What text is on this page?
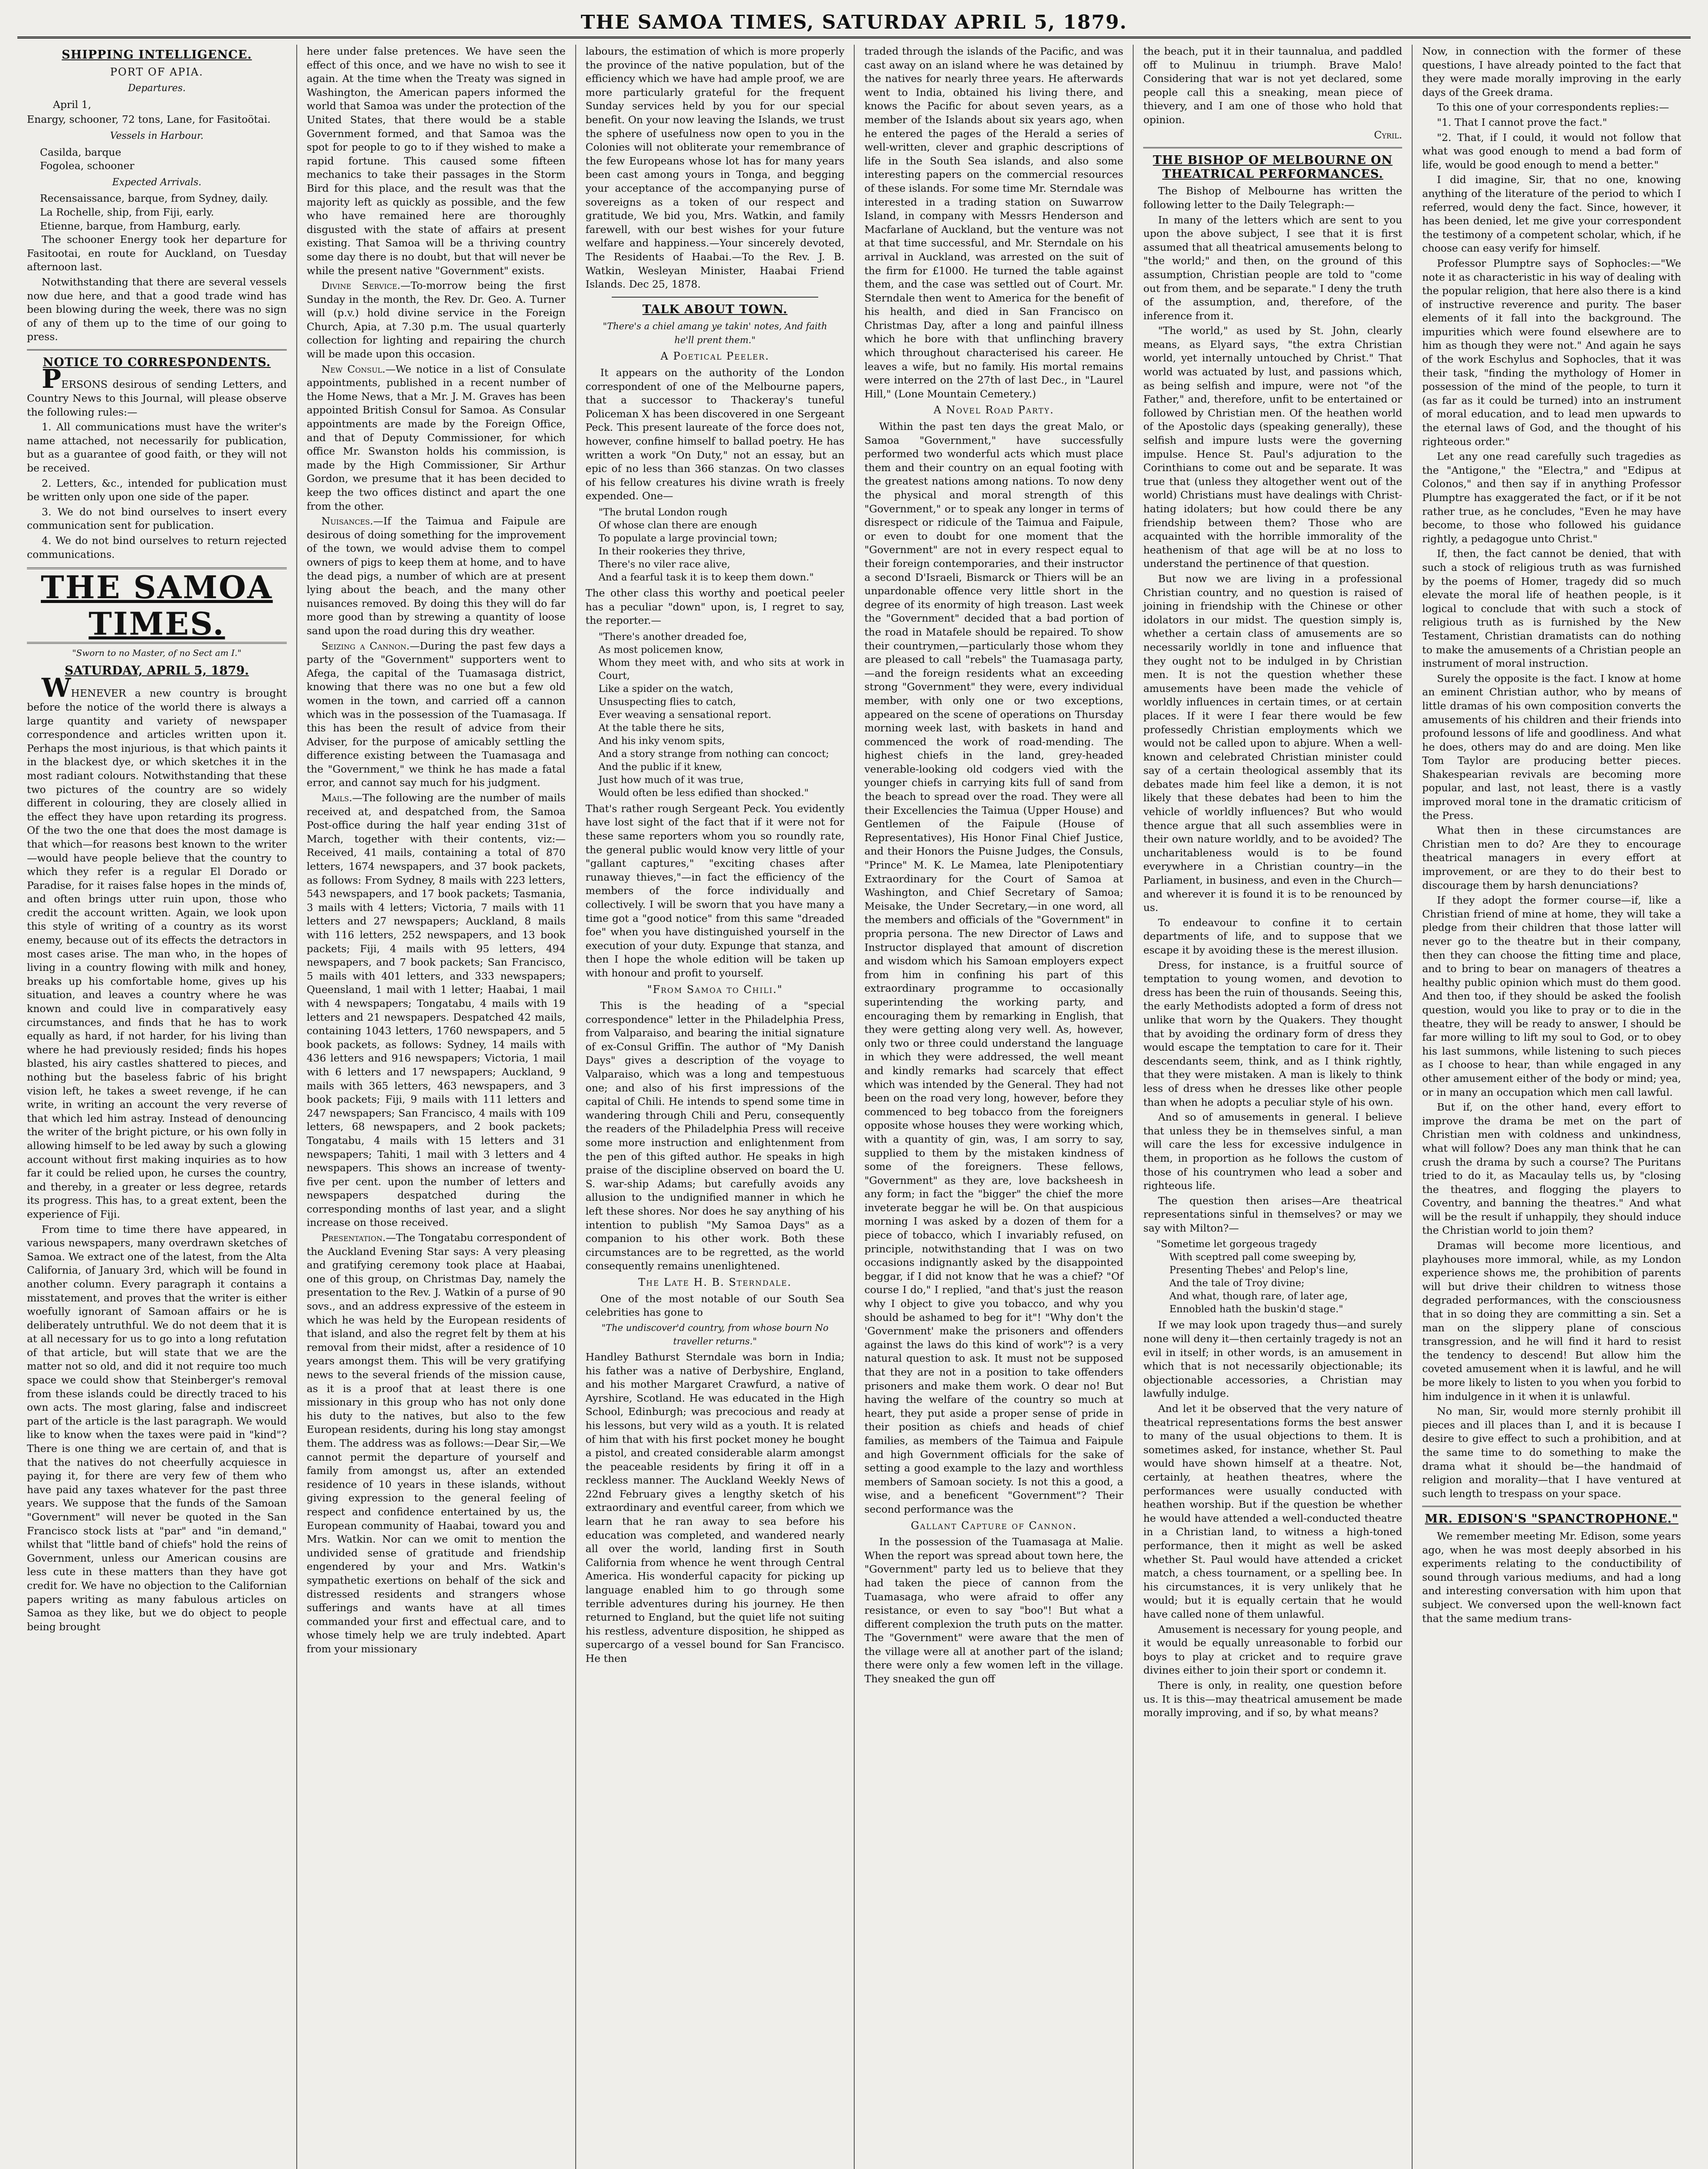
THE SAMOA TIMES, SATURDAY APRIL 5, 1879.
SHIPPING INTELLIGENCE.
PORT OF APIA.
Departures.

April 1,

Enargy, schooner, 72 tons, Lane, for Fasitoötai.

Vessels in Harbour.

Casilda, barque

Fogolea, schooner

Expected Arrivals.

Recensaissance, barque, from Sydney, daily.

La Rochelle, ship, from Fiji, early.

Etienne, barque, from Hamburg, early.

The schooner Energy took her departure for Fasitootai, en route for Auckland, on Tuesday afternoon last.

Notwithstanding that there are several vessels now due here, and that a good trade wind has been blowing during the week, there was no sign of any of them up to the time of our going to press.

NOTICE TO CORRESPONDENTS.

PERSONS desirous of sending Letters, and Country News to this Journal, will please observe the following rules:—

1. All communications must have the writer's name attached, not necessarily for publication, but as a guarantee of good faith, or they will not be received.

2. Letters, &c., intended for publication must be written only upon one side of the paper.

3. We do not bind ourselves to insert every communication sent for publication.

4. We do not bind ourselves to return rejected communications.

THE SAMOA TIMES.
"Sworn to no Master, of no Sect am I."
SATURDAY, APRIL 5, 1879.

WHENEVER a new country is brought before the notice of the world there is always a large quantity and variety of newspaper correspondence and articles written upon it. Perhaps the most injurious, is that which paints it in the blackest dye, or which sketches it in the most radiant colours. Notwithstanding that these two pictures of the country are so widely different in colouring, they are closely allied in the effect they have upon retarding its progress. Of the two the one that does the most damage is that which—for reasons best known to the writer—would have people believe that the country to which they refer is a regular El Dorado or Paradise, for it raises false hopes in the minds of, and often brings utter ruin upon, those who credit the account written. Again, we look upon this style of writing of a country as its worst enemy, because out of its effects the detractors in most cases arise. The man who, in the hopes of living in a country flowing with milk and honey, breaks up his comfortable home, gives up his situation, and leaves a country where he was known and could live in comparatively easy circumstances, and finds that he has to work equally as hard, if not harder, for his living than where he had previously resided; finds his hopes blasted, his airy castles shattered to pieces, and nothing but the baseless fabric of his bright vision left, he takes a sweet revenge, if he can write, in writing an account the very reverse of that which led him astray. Instead of denouncing the writer of the bright picture, or his own folly in allowing himself to be led away by such a glowing account without first making inquiries as to how far it could be relied upon, he curses the country, and thereby, in a greater or less degree, retards its progress. This has, to a great extent, been the experience of Fiji.

From time to time there have appeared, in various newspapers, many overdrawn sketches of Samoa. We extract one of the latest, from the Alta California, of January 3rd, which will be found in another column. Every paragraph it contains a misstatement, and proves that the writer is either woefully ignorant of Samoan affairs or he is deliberately untruthful. We do not deem that it is at all necessary for us to go into a long refutation of that article, but will state that we are the matter not so old, and did it not require too much space we could show that Steinberger's removal from these islands could be directly traced to his own acts. The most glaring, false and indiscreet part of the article is the last paragraph. We would like to know when the taxes were paid in "kind"? There is one thing we are certain of, and that is that the natives do not cheerfully acquiesce in paying it, for there are very few of them who have paid any taxes whatever for the past three years. We suppose that the funds of the Samoan "Government" will never be quoted in the San Francisco stock lists at "par" and "in demand," whilst that "little band of chiefs" hold the reins of Government, unless our American cousins are less cute in these matters than they have got credit for. We have no objection to the Californian papers writing as many fabulous articles on Samoa as they like, but we do object to people being brought

here under false pretences. We have seen the effect of this once, and we have no wish to see it again. At the time when the Treaty was signed in Washington, the American papers informed the world that Samoa was under the protection of the United States, that there would be a stable Government formed, and that Samoa was the spot for people to go to if they wished to make a rapid fortune. This caused some fifteen mechanics to take their passages in the Storm Bird for this place, and the result was that the majority left as quickly as possible, and the few who have remained here are thoroughly disgusted with the state of affairs at present existing. That Samoa will be a thriving country some day there is no doubt, but that will never be while the present native "Government" exists.

Divine Service.—To-morrow being the first Sunday in the month, the Rev. Dr. Geo. A. Turner will (p.v.) hold divine service in the Foreign Church, Apia, at 7.30 p.m. The usual quarterly collection for lighting and repairing the church will be made upon this occasion.

New Consul.—We notice in a list of Consulate appointments, published in a recent number of the Home News, that a Mr. J. M. Graves has been appointed British Consul for Samoa. As Consular appointments are made by the Foreign Office, and that of Deputy Commissioner, for which office Mr. Swanston holds his commission, is made by the High Commissioner, Sir Arthur Gordon, we presume that it has been decided to keep the two offices distinct and apart the one from the other.

Nuisances.—If the Taimua and Faipule are desirous of doing something for the improvement of the town, we would advise them to compel owners of pigs to keep them at home, and to have the dead pigs, a number of which are at present lying about the beach, and the many other nuisances removed. By doing this they will do far more good than by strewing a quantity of loose sand upon the road during this dry weather.

Seizing a Cannon.—During the past few days a party of the "Government" supporters went to Afega, the capital of the Tuamasaga district, knowing that there was no one but a few old women in the town, and carried off a cannon which was in the possession of the Tuamasaga. If this has been the result of advice from their Adviser, for the purpose of amicably settling the difference existing between the Tuamasaga and the "Government," we think he has made a fatal error, and cannot say much for his judgment.

Mails.—The following are the number of mails received at, and despatched from, the Samoa Post-office during the half year ending 31st of March, together with their contents, viz:—Received, 41 mails, containing a total of 870 letters, 1674 newspapers, and 37 book packets, as follows: From Sydney, 8 mails with 223 letters, 543 newspapers, and 17 book packets; Tasmania, 3 mails with 4 letters; Victoria, 7 mails with 11 letters and 27 newspapers; Auckland, 8 mails with 116 letters, 252 newspapers, and 13 book packets; Fiji, 4 mails with 95 letters, 494 newspapers, and 7 book packets; San Francisco, 5 mails with 401 letters, and 333 newspapers; Queensland, 1 mail with 1 letter; Haabai, 1 mail with 4 newspapers; Tongatabu, 4 mails with 19 letters and 21 newspapers. Despatched 42 mails, containing 1043 letters, 1760 newspapers, and 5 book packets, as follows: Sydney, 14 mails with 436 letters and 916 newspapers; Victoria, 1 mail with 6 letters and 17 newspapers; Auckland, 9 mails with 365 letters, 463 newspapers, and 3 book packets; Fiji, 9 mails with 111 letters and 247 newspapers; San Francisco, 4 mails with 109 letters, 68 newspapers, and 2 book packets; Tongatabu, 4 mails with 15 letters and 31 newspapers; Tahiti, 1 mail with 3 letters and 4 newspapers. This shows an increase of twenty-five per cent. upon the number of letters and newspapers despatched during the corresponding months of last year, and a slight increase on those received.

Presentation.—The Tongatabu correspondent of the Auckland Evening Star says: A very pleasing and gratifying ceremony took place at Haabai, one of this group, on Christmas Day, namely the presentation to the Rev. J. Watkin of a purse of 90 sovs., and an address expressive of the esteem in which he was held by the European residents of that island, and also the regret felt by them at his removal from their midst, after a residence of 10 years amongst them. This will be very gratifying news to the several friends of the mission cause, as it is a proof that at least there is one missionary in this group who has not only done his duty to the natives, but also to the few European residents, during his long stay amongst them. The address was as follows:—Dear Sir,—We cannot permit the departure of yourself and family from amongst us, after an extended residence of 10 years in these islands, without giving expression to the general feeling of respect and confidence entertained by us, the European community of Haabai, toward you and Mrs. Watkin. Nor can we omit to mention the undivided sense of gratitude and friendship engendered by your and Mrs. Watkin's sympathetic exertions on behalf of the sick and distressed residents and strangers whose sufferings and wants have at all times commanded your first and effectual care, and to whose timely help we are truly indebted. Apart from your missionary

labours, the estimation of which is more properly the province of the native population, but of the efficiency which we have had ample proof, we are more particularly grateful for the frequent Sunday services held by you for our special benefit. On your now leaving the Islands, we trust the sphere of usefulness now open to you in the Colonies will not obliterate your remembrance of the few Europeans whose lot has for many years been cast among yours in Tonga, and begging your acceptance of the accompanying purse of sovereigns as a token of our respect and gratitude, We bid you, Mrs. Watkin, and family farewell, with our best wishes for your future welfare and happiness.—Your sincerely devoted, The Residents of Haabai.—To the Rev. J. B. Watkin, Wesleyan Minister, Haabai Friend Islands. Dec 25, 1878.

TALK ABOUT TOWN.
"There's a chiel amang ye takin' notes, And faith he'll prent them."
A Poetical Peeler.

It appears on the authority of the London correspondent of one of the Melbourne papers, that a successor to Thackeray's tuneful Policeman X has been discovered in one Sergeant Peck. This present laureate of the force does not, however, confine himself to ballad poetry. He has written a work "On Duty," not an essay, but an epic of no less than 366 stanzas. On two classes of his fellow creatures his divine wrath is freely expended. One—

"The brutal London rough
Of whose clan there are enough
To populate a large provincial town;
In their rookeries they thrive,
There's no viler race alive,
And a fearful task it is to keep them down."

The other class this worthy and poetical peeler has a peculiar "down" upon, is, I regret to say, the reporter.—

"There's another dreaded foe,
As most policemen know,
Whom they meet with, and who sits at work in Court,
Like a spider on the watch,
Unsuspecting flies to catch,
Ever weaving a sensational report.
At the table there he sits,
And his inky venom spits,
And a story strange from nothing can concoct;
And the public if it knew,
Just how much of it was true,
Would often be less edified than shocked."

That's rather rough Sergeant Peck. You evidently have lost sight of the fact that if it were not for these same reporters whom you so roundly rate, the general public would know very little of your "gallant captures," "exciting chases after runaway thieves,"—in fact the efficiency of the members of the force individually and collectively. I will be sworn that you have many a time got a "good notice" from this same "dreaded foe" when you have distinguished yourself in the execution of your duty. Expunge that stanza, and then I hope the whole edition will be taken up with honour and profit to yourself.

"From Samoa to Chili."

This is the heading of a "special correspondence" letter in the Philadelphia Press, from Valparaiso, and bearing the initial signature of ex-Consul Griffin. The author of "My Danish Days" gives a description of the voyage to Valparaiso, which was a long and tempestuous one; and also of his first impressions of the capital of Chili. He intends to spend some time in wandering through Chili and Peru, consequently the readers of the Philadelphia Press will receive some more instruction and enlightenment from the pen of this gifted author. He speaks in high praise of the discipline observed on board the U. S. war-ship Adams; but carefully avoids any allusion to the undignified manner in which he left these shores. Nor does he say anything of his intention to publish "My Samoa Days" as a companion to his other work. Both these circumstances are to be regretted, as the world consequently remains unenlightened.

The Late H. B. Sterndale.

One of the most notable of our South Sea celebrities has gone to

"The undiscover'd country, from whose bourn No traveller returns."

Handley Bathurst Sterndale was born in India; his father was a native of Derbyshire, England, and his mother Margaret Crawfurd, a native of Ayrshire, Scotland. He was educated in the High School, Edinburgh; was precocious and ready at his lessons, but very wild as a youth. It is related of him that with his first pocket money he bought a pistol, and created considerable alarm amongst the peaceable residents by firing it off in a reckless manner. The Auckland Weekly News of 22nd February gives a lengthy sketch of his extraordinary and eventful career, from which we learn that he ran away to sea before his education was completed, and wandered nearly all over the world, landing first in South California from whence he went through Central America. His wonderful capacity for picking up language enabled him to go through some terrible adventures during his journey. He then returned to England, but the quiet life not suiting his restless, adventure disposition, he shipped as supercargo of a vessel bound for San Francisco. He then

traded through the islands of the Pacific, and was cast away on an island where he was detained by the natives for nearly three years. He afterwards went to India, obtained his living there, and knows the Pacific for about seven years, as a member of the Islands about six years ago, when he entered the pages of the Herald a series of well-written, clever and graphic descriptions of life in the South Sea islands, and also some interesting papers on the commercial resources of these islands. For some time Mr. Sterndale was interested in a trading station on Suwarrow Island, in company with Messrs Henderson and Macfarlane of Auckland, but the venture was not at that time successful, and Mr. Sterndale on his arrival in Auckland, was arrested on the suit of the firm for £1000. He turned the table against them, and the case was settled out of Court. Mr. Sterndale then went to America for the benefit of his health, and died in San Francisco on Christmas Day, after a long and painful illness which he bore with that unflinching bravery which throughout characterised his career. He leaves a wife, but no family. His mortal remains were interred on the 27th of last Dec., in "Laurel Hill," (Lone Mountain Cemetery.)

A Novel Road Party.

Within the past ten days the great Malo, or Samoa "Government," have successfully performed two wonderful acts which must place them and their country on an equal footing with the greatest nations among nations. To now deny the physical and moral strength of this "Government," or to speak any longer in terms of disrespect or ridicule of the Taimua and Faipule, or even to doubt for one moment that the "Government" are not in every respect equal to their foreign contemporaries, and their instructor a second D'Israeli, Bismarck or Thiers will be an unpardonable offence very little short in the degree of its enormity of high treason. Last week the "Government" decided that a bad portion of the road in Matafele should be repaired. To show their countrymen,—particularly those whom they are pleased to call "rebels" the Tuamasaga party,—and the foreign residents what an exceeding strong "Government" they were, every individual member, with only one or two exceptions, appeared on the scene of operations on Thursday morning week last, with baskets in hand and commenced the work of road-mending. The highest chiefs in the land, grey-headed venerable-looking old codgers vied with the younger chiefs in carrying kits full of sand from the beach to spread over the road. They were all their Excellencies the Taimua (Upper House) and Gentlemen of the Faipule (House of Representatives), His Honor Final Chief Justice, and their Honors the Puisne Judges, the Consuls, "Prince" M. K. Le Mamea, late Plenipotentiary Extraordinary for the Court of Samoa at Washington, and Chief Secretary of Samoa; Meisake, the Under Secretary,—in one word, all the members and officials of the "Government" in propria persona. The new Director of Laws and Instructor displayed that amount of discretion and wisdom which his Samoan employers expect from him in confining his part of this extraordinary programme to occasionally superintending the working party, and encouraging them by remarking in English, that they were getting along very well. As, however, only two or three could understand the language in which they were addressed, the well meant and kindly remarks had scarcely that effect which was intended by the General. They had not been on the road very long, however, before they commenced to beg tobacco from the foreigners opposite whose houses they were working which, with a quantity of gin, was, I am sorry to say, supplied to them by the mistaken kindness of some of the foreigners. These fellows, "Government" as they are, love backsheesh in any form; in fact the "bigger" the chief the more inveterate beggar he will be. On that auspicious morning I was asked by a dozen of them for a piece of tobacco, which I invariably refused, on principle, notwithstanding that I was on two occasions indignantly asked by the disappointed beggar, if I did not know that he was a chief? "Of course I do," I replied, "and that's just the reason why I object to give you tobacco, and why you should be ashamed to beg for it"! "Why don't the 'Government' make the prisoners and offenders against the laws do this kind of work"? is a very natural question to ask. It must not be supposed that they are not in a position to take offenders prisoners and make them work. O dear no! But having the welfare of the country so much at heart, they put aside a proper sense of pride in their position as chiefs and heads of chief families, as members of the Taimua and Faipule and high Government officials for the sake of setting a good example to the lazy and worthless members of Samoan society. Is not this a good, a wise, and a beneficent "Government"? Their second performance was the

Gallant Capture of Cannon.

In the possession of the Tuamasaga at Malie. When the report was spread about town here, the "Government" party led us to believe that they had taken the piece of cannon from the Tuamasaga, who were afraid to offer any resistance, or even to say "boo"! But what a different complexion the truth puts on the matter. The "Government" were aware that the men of the village were all at another part of the island; there were only a few women left in the village. They sneaked the gun off

the beach, put it in their taunnalua, and paddled off to Mulinuu in triumph. Brave Malo! Considering that war is not yet declared, some people call this a sneaking, mean piece of thievery, and I am one of those who hold that opinion.

Cyril.

THE BISHOP OF MELBOURNE ON THEATRICAL PERFORMANCES.

The Bishop of Melbourne has written the following letter to the Daily Telegraph:—

In many of the letters which are sent to you upon the above subject, I see that it is first assumed that all theatrical amusements belong to "the world;" and then, on the ground of this assumption, Christian people are told to "come out from them, and be separate." I deny the truth of the assumption, and, therefore, of the inference from it.

"The world," as used by St. John, clearly means, as Elyard says, "the extra Christian world, yet internally untouched by Christ." That world was actuated by lust, and passions which, as being selfish and impure, were not "of the Father," and, therefore, unfit to be entertained or followed by Christian men. Of the heathen world of the Apostolic days (speaking generally), these selfish and impure lusts were the governing impulse. Hence St. Paul's adjuration to the Corinthians to come out and be separate. It was true that (unless they altogether went out of the world) Christians must have dealings with Christ-hating idolaters; but how could there be any friendship between them? Those who are acquainted with the horrible immorality of the heathenism of that age will be at no loss to understand the pertinence of that question.

But now we are living in a professional Christian country, and no question is raised of joining in friendship with the Chinese or other idolators in our midst. The question simply is, whether a certain class of amusements are so necessarily worldly in tone and influence that they ought not to be indulged in by Christian men. It is not the question whether these amusements have been made the vehicle of worldly influences in certain times, or at certain places. If it were I fear there would be few professedly Christian employments which we would not be called upon to abjure. When a well-known and celebrated Christian minister could say of a certain theological assembly that its debates made him feel like a demon, it is not likely that these debates had been to him the vehicle of worldly influences? But who would thence argue that all such assemblies were in their own nature worldly, and to be avoided? The uncharitableness would is to be found everywhere in a Christian country—in the Parliament, in business, and even in the Church—and wherever it is found it is to be renounced by us.

To endeavour to confine it to certain departments of life, and to suppose that we escape it by avoiding these is the merest illusion.

Dress, for instance, is a fruitful source of temptation to young women, and devotion to dress has been the ruin of thousands. Seeing this, the early Methodists adopted a form of dress not unlike that worn by the Quakers. They thought that by avoiding the ordinary form of dress they would escape the temptation to care for it. Their descendants seem, think, and as I think rightly, that they were mistaken. A man is likely to think less of dress when he dresses like other people than when he adopts a peculiar style of his own.

And so of amusements in general. I believe that unless they be in themselves sinful, a man will care the less for excessive indulgence in them, in proportion as he follows the custom of those of his countrymen who lead a sober and righteous life.

The question then arises—Are theatrical representations sinful in themselves? or may we say with Milton?—

"Sometime let gorgeous tragedy
With sceptred pall come sweeping by,
Presenting Thebes' and Pelop's line,
And the tale of Troy divine;
And what, though rare, of later age,
Ennobled hath the buskin'd stage."

If we may look upon tragedy thus—and surely none will deny it—then certainly tragedy is not an evil in itself; in other words, is an amusement in which that is not necessarily objectionable; its objectionable accessories, a Christian may lawfully indulge.

And let it be observed that the very nature of theatrical representations forms the best answer to many of the usual objections to them. It is sometimes asked, for instance, whether St. Paul would have shown himself at a theatre. Not, certainly, at heathen theatres, where the performances were usually conducted with heathen worship. But if the question be whether he would have attended a well-conducted theatre in a Christian land, to witness a high-toned performance, then it might as well be asked whether St. Paul would have attended a cricket match, a chess tournament, or a spelling bee. In his circumstances, it is very unlikely that he would; but it is equally certain that he would have called none of them unlawful.

Amusement is necessary for young people, and it would be equally unreasonable to forbid our boys to play at cricket and to require grave divines either to join their sport or condemn it.

There is only, in reality, one question before us. It is this—may theatrical amusement be made morally improving, and if so, by what means?

Now, in connection with the former of these questions, I have already pointed to the fact that they were made morally improving in the early days of the Greek drama.

To this one of your correspondents replies:—

"1. That I cannot prove the fact."

"2. That, if I could, it would not follow that what was good enough to mend a bad form of life, would be good enough to mend a better."

I did imagine, Sir, that no one, knowing anything of the literature of the period to which I referred, would deny the fact. Since, however, it has been denied, let me give your correspondent the testimony of a competent scholar, which, if he choose can easy verify for himself.

Professor Plumptre says of Sophocles:—"We note it as characteristic in his way of dealing with the popular religion, that here also there is a kind of instructive reverence and purity. The baser elements of it fall into the background. The impurities which were found elsewhere are to him as though they were not." And again he says of the work Eschylus and Sophocles, that it was their task, "finding the mythology of Homer in possession of the mind of the people, to turn it (as far as it could be turned) into an instrument of moral education, and to lead men upwards to the eternal laws of God, and the thought of his righteous order."

Let any one read carefully such tragedies as the "Antigone," the "Electra," and "Edipus at Colonos," and then say if in anything Professor Plumptre has exaggerated the fact, or if it be not rather true, as he concludes, "Even he may have become, to those who followed his guidance rightly, a pedagogue unto Christ."

If, then, the fact cannot be denied, that with such a stock of religious truth as was furnished by the poems of Homer, tragedy did so much elevate the moral life of heathen people, is it logical to conclude that with such a stock of religious truth as is furnished by the New Testament, Christian dramatists can do nothing to make the amusements of a Christian people an instrument of moral instruction.

Surely the opposite is the fact. I know at home an eminent Christian author, who by means of little dramas of his own composition converts the amusements of his children and their friends into profound lessons of life and goodliness. And what he does, others may do and are doing. Men like Tom Taylor are producing better pieces. Shakespearian revivals are becoming more popular, and last, not least, there is a vastly improved moral tone in the dramatic criticism of the Press.

What then in these circumstances are Christian men to do? Are they to encourage theatrical managers in every effort at improvement, or are they to do their best to discourage them by harsh denunciations?

If they adopt the former course—if, like a Christian friend of mine at home, they will take a pledge from their children that those latter will never go to the theatre but in their company, then they can choose the fitting time and place, and to bring to bear on managers of theatres a healthy public opinion which must do them good. And then too, if they should be asked the foolish question, would you like to pray or to die in the theatre, they will be ready to answer, I should be far more willing to lift my soul to God, or to obey his last summons, while listening to such pieces as I choose to hear, than while engaged in any other amusement either of the body or mind; yea, or in many an occupation which men call lawful.

But if, on the other hand, every effort to improve the drama be met on the part of Christian men with coldness and unkindness, what will follow? Does any man think that he can crush the drama by such a course? The Puritans tried to do it, as Macaulay tells us, by "closing the theatres, and flogging the players to Coventry, and banning the theatres." And what will be the result if unhappily, they should induce the Christian world to join them?

Dramas will become more licentious, and playhouses more immoral, while, as my London experience shows me, the prohibition of parents will but drive their children to witness those degraded performances, with the consciousness that in so doing they are committing a sin. Set a man on the slippery plane of conscious transgression, and he will find it hard to resist the tendency to descend! But allow him the coveted amusement when it is lawful, and he will be more likely to listen to you when you forbid to him indulgence in it when it is unlawful.

No man, Sir, would more sternly prohibit ill pieces and ill places than I, and it is because I desire to give effect to such a prohibition, and at the same time to do something to make the drama what it should be—the handmaid of religion and morality—that I have ventured at such length to trespass on your space.

MR. EDISON'S "SPANCTROPHONE."

We remember meeting Mr. Edison, some years ago, when he was most deeply absorbed in his experiments relating to the conductibility of sound through various mediums, and had a long and interesting conversation with him upon that subject. We conversed upon the well-known fact that the same medium trans-
